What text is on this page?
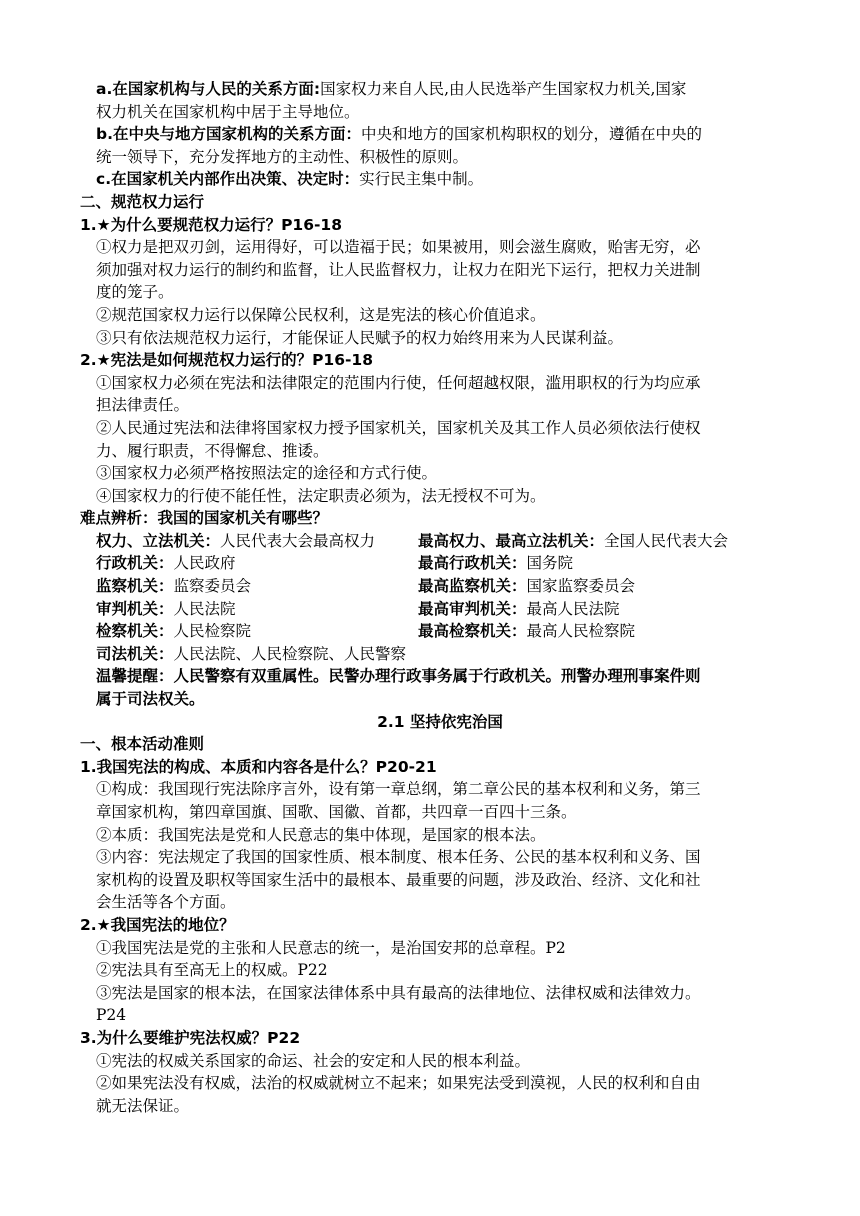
a.在国家机构与人民的关系方面:国家权力来自人民,由人民选举产生国家权力机关,国家
权力机关在国家机构中居于主导地位。
b.在中央与地方国家机构的关系方面：中央和地方的国家机构职权的划分，遵循在中央的
统一领导下，充分发挥地方的主动性、积极性的原则。
c.在国家机关内部作出决策、决定时：实行民主集中制。
二、规范权力运行
1.★为什么要规范权力运行？P16-18
①权力是把双刃剑，运用得好，可以造福于民；如果被用，则会滋生腐败，贻害无穷，必
须加强对权力运行的制约和监督，让人民监督权力，让权力在阳光下运行，把权力关进制
度的笼子。
②规范国家权力运行以保障公民权利，这是宪法的核心价值追求。
③只有依法规范权力运行，才能保证人民赋予的权力始终用来为人民谋利益。
2.★宪法是如何规范权力运行的？P16-18
①国家权力必须在宪法和法律限定的范围内行使，任何超越权限，滥用职权的行为均应承
担法律责任。
②人民通过宪法和法律将国家权力授予国家机关，国家机关及其工作人员必须依法行使权
力、履行职责，不得懈怠、推诿。
③国家权力必须严格按照法定的途径和方式行使。
④国家权力的行使不能任性，法定职责必须为，法无授权不可为。
难点辨析：我国的国家机关有哪些？
权力、立法机关：人民代表大会最高权力	最高权力、最高立法机关：全国人民代表大会
行政机关：人民政府	最高行政机关：国务院
监察机关：监察委员会	最高监察机关：国家监察委员会
审判机关：人民法院	最高审判机关：最高人民法院
检察机关：人民检察院	最高检察机关：最高人民检察院
司法机关：人民法院、人民检察院、人民警察
温馨提醒：人民警察有双重属性。民警办理行政事务属于行政机关。刑警办理刑事案件则
属于司法权关。
2.1 坚持依宪治国
一、根本活动准则
1.我国宪法的构成、本质和内容各是什么？P20-21
①构成：我国现行宪法除序言外，设有第一章总纲，第二章公民的基本权利和义务，第三
章国家机构，第四章国旗、国歌、国徽、首都，共四章一百四十三条。
②本质：我国宪法是党和人民意志的集中体现，是国家的根本法。
③内容：宪法规定了我国的国家性质、根本制度、根本任务、公民的基本权利和义务、国
家机构的设置及职权等国家生活中的最根本、最重要的问题，涉及政治、经济、文化和社
会生活等各个方面。
2.★我国宪法的地位？
①我国宪法是党的主张和人民意志的统一，是治国安邦的总章程。P2
②宪法具有至高无上的权威。P22
③宪法是国家的根本法，在国家法律体系中具有最高的法律地位、法律权威和法律效力。
P24
3.为什么要维护宪法权威？P22
①宪法的权威关系国家的命运、社会的安定和人民的根本利益。
②如果宪法没有权威，法治的权威就树立不起来；如果宪法受到漠视，人民的权利和自由
就无法保证。
